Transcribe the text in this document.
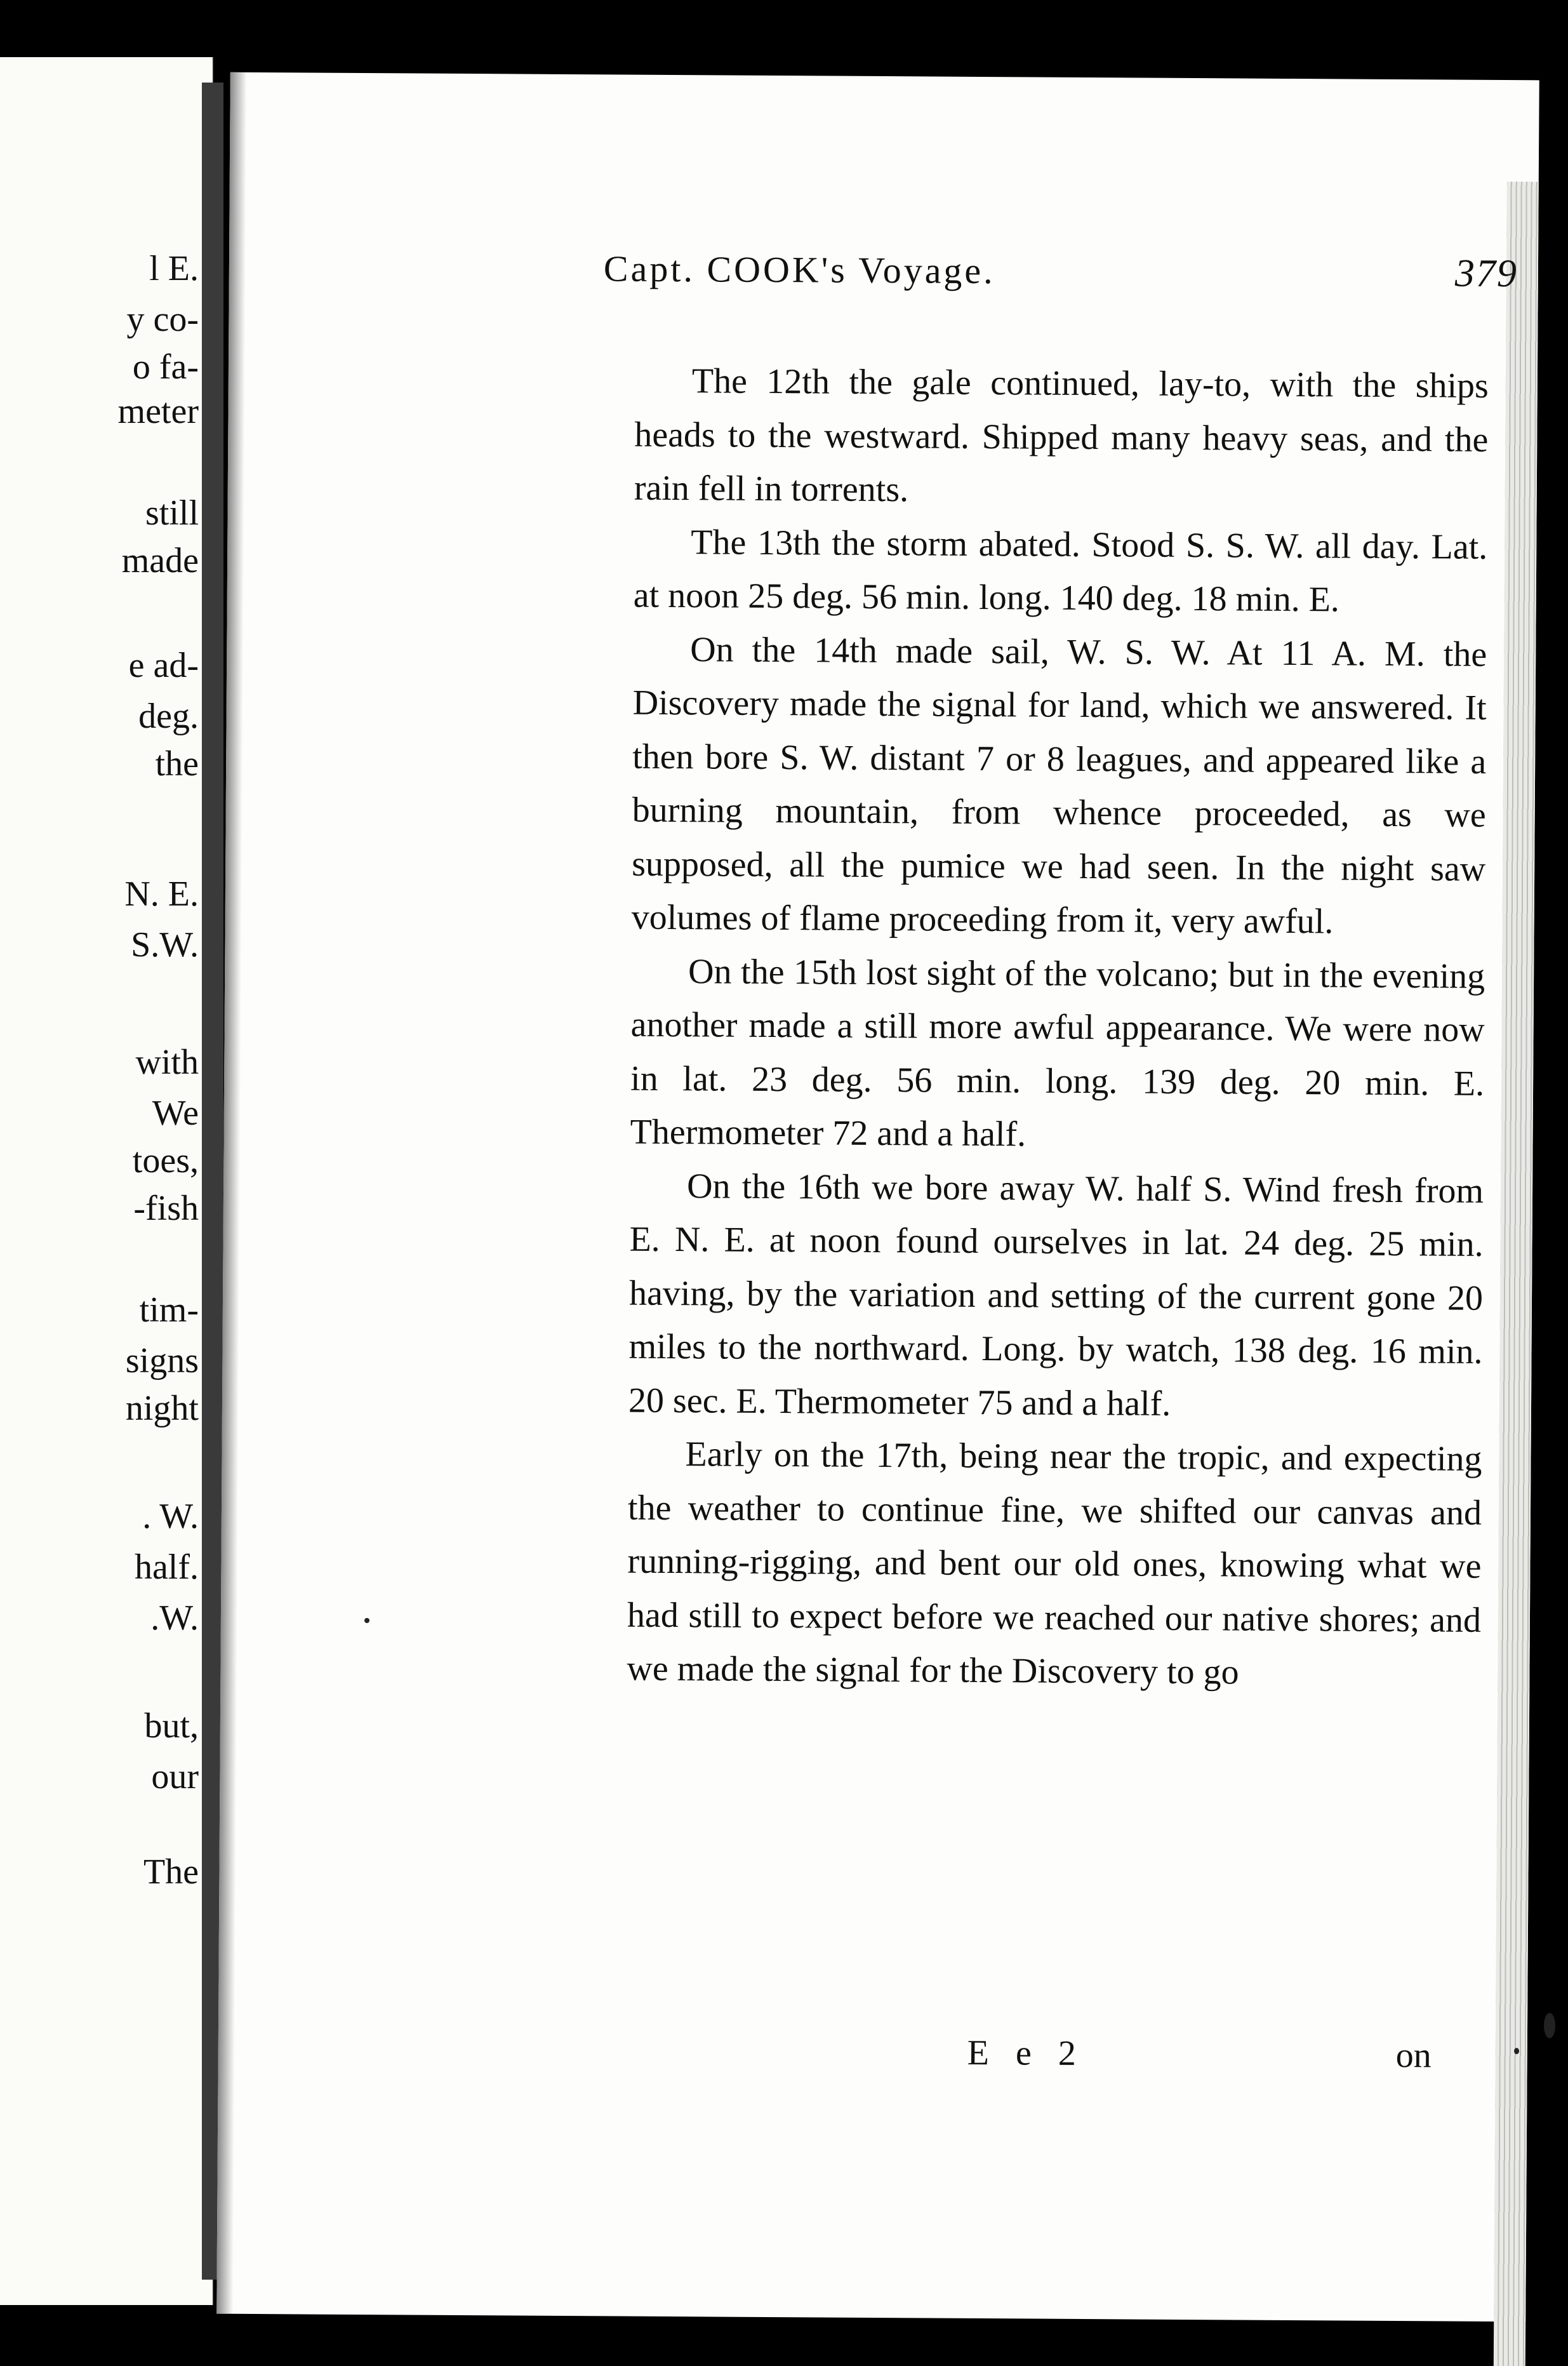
l E.
y co-
o fa-
meter
still
made
e ad-
deg.
the
N. E.
S.W.
with
We
toes,
-fish
tim-
signs
night
. W.
half.
.W.
but,
our
The
Capt. COOK's Voyage.	379

The 12th the gale continued, lay-to, with the ships heads to the westward. Shipped many heavy seas, and the rain fell in torrents.

The 13th the storm abated. Stood S. S. W. all day. Lat. at noon 25 deg. 56 min. long. 140 deg. 18 min. E.

On the 14th made sail, W. S. W. At 11 A. M. the Discovery made the signal for land, which we answered. It then bore S. W. distant 7 or 8 leagues, and appeared like a burning mountain, from whence proceeded, as we supposed, all the pumice we had seen. In the night saw volumes of flame proceeding from it, very awful.

On the 15th lost sight of the volcano; but in the evening another made a still more awful appearance. We were now in lat. 23 deg. 56 min. long. 139 deg. 20 min. E. Thermometer 72 and a half.

On the 16th we bore away W. half S. Wind fresh from E. N. E. at noon found ourselves in lat. 24 deg. 25 min. having, by the variation and setting of the current gone 20 miles to the northward. Long. by watch, 138 deg. 16 min. 20 sec. E. Thermometer 75 and a half.

Early on the 17th, being near the tropic, and expecting the weather to continue fine, we shifted our canvas and running-rigging, and bent our old ones, knowing what we had still to expect before we reached our native shores; and we made the signal for the Discovery to go

E e 2	on
